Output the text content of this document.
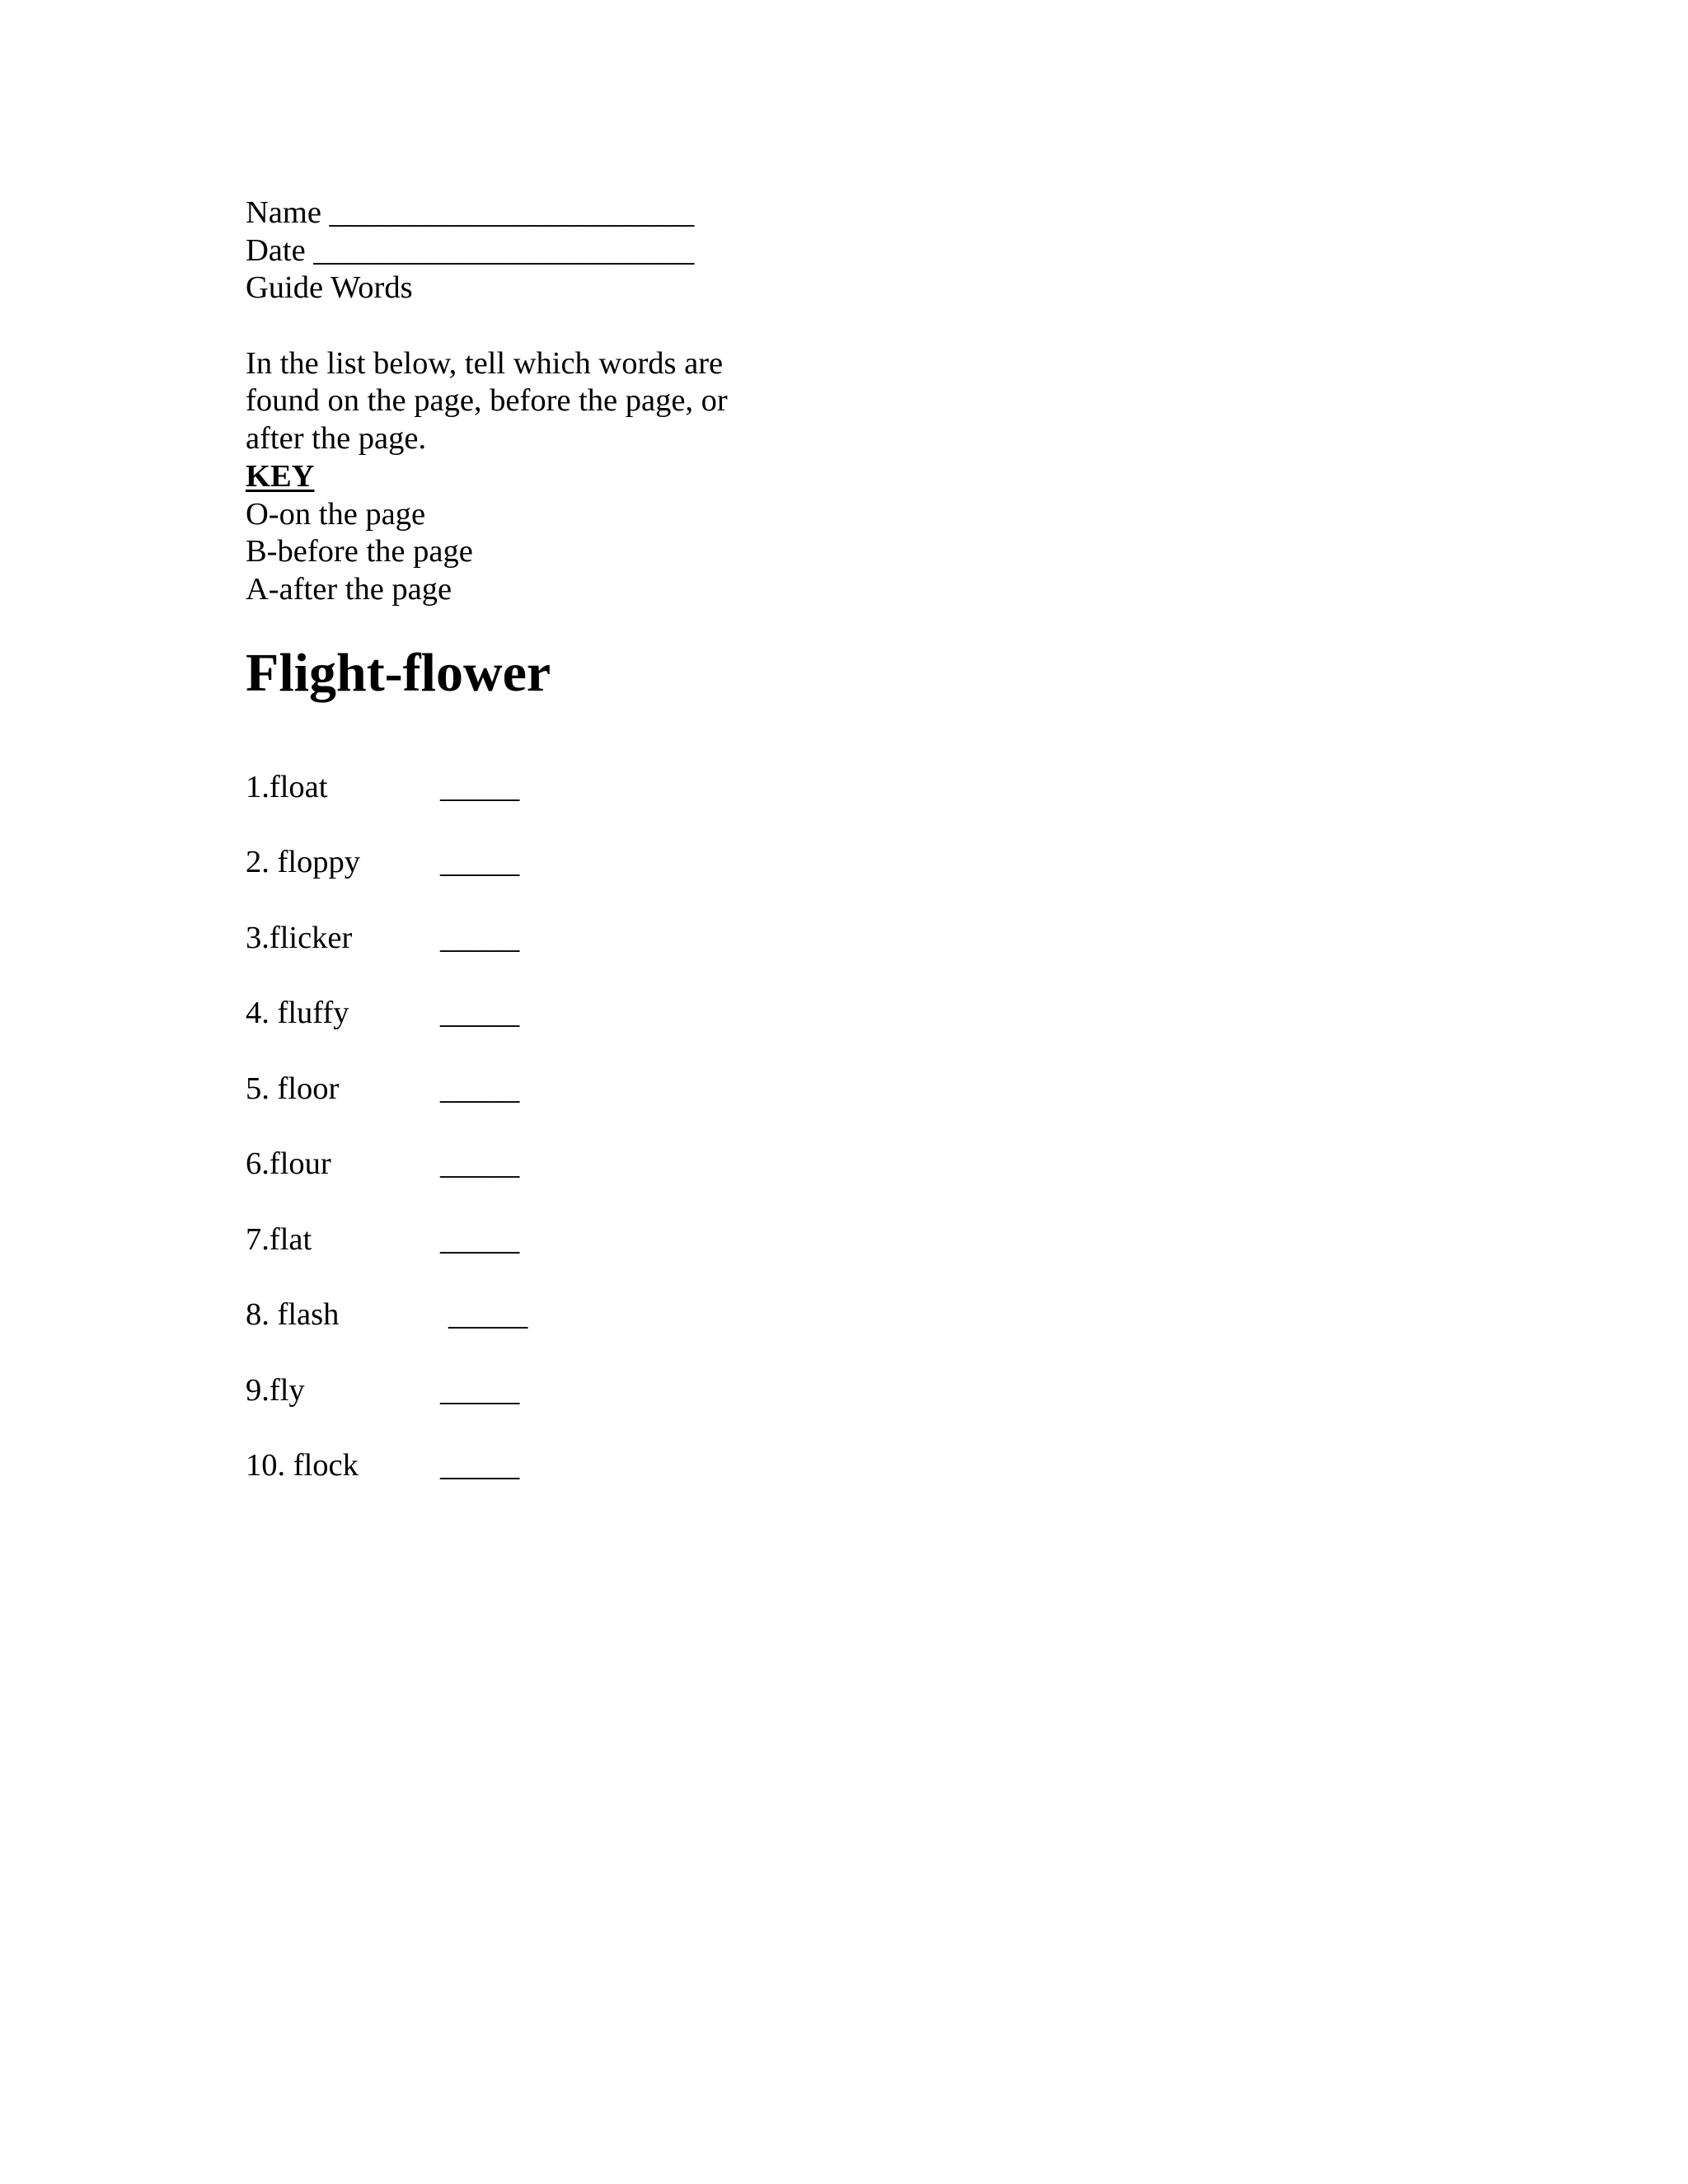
Name _______________________
Date ________________________
Guide Words
In the list below, tell which words are
found on the page, before the page, or
after the page.
KEY
O-on the page
B-before the page
A-after the page
Flight-flower
1.float	_____
2. floppy	_____
3.flicker	_____
4. fluffy	_____
5. floor	_____
6.flour	_____
7.flat	_____
8. flash	_____
9.fly	_____
10. flock	_____
